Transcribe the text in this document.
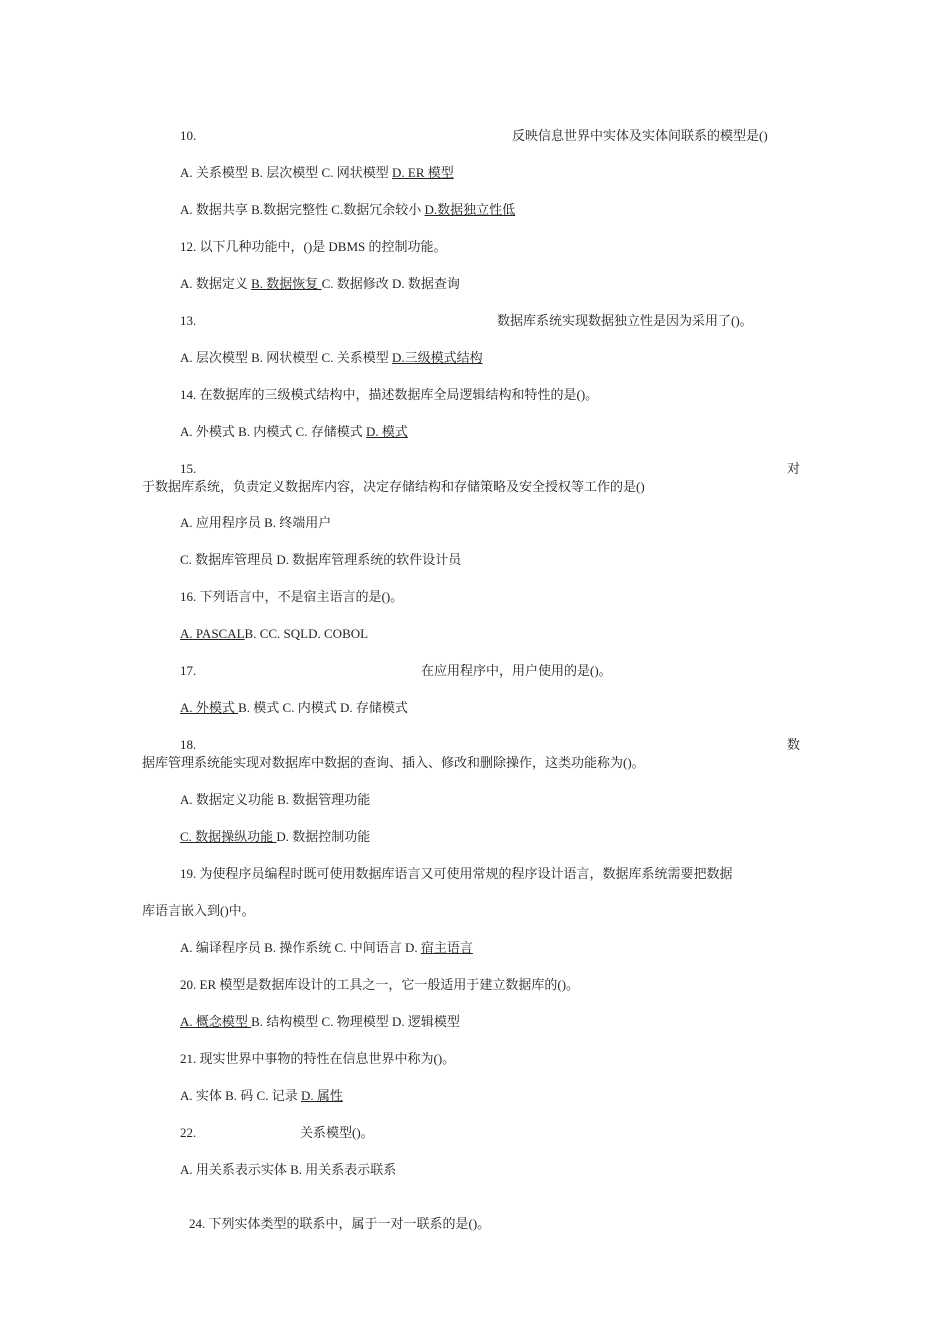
10.	反映信息世界中实体及实体间联系的模型是()
A. 关系模型 B. 层次模型 C. 网状模型 D. ER 模型
A. 数据共享 B.数据完整性 C.数据冗余较小 D.数据独立性低
12. 以下几种功能中，()是 DBMS 的控制功能。
A. 数据定义 B. 数据恢复 C. 数据修改 D. 数据查询
13.	数据库系统实现数据独立性是因为采用了()。
A. 层次模型 B. 网状模型 C. 关系模型 D.三级模式结构
14. 在数据库的三级模式结构中，描述数据库全局逻辑结构和特性的是()。
A. 外模式 B. 内模式 C. 存储模式 D. 模式
15.	对
于数据库系统，负责定义数据库内容，决定存储结构和存储策略及安全授权等工作的是()
A. 应用程序员 B. 终端用户
C. 数据库管理员 D. 数据库管理系统的软件设计员
16. 下列语言中，不是宿主语言的是()。
A. PASCALB. CC. SQLD. COBOL
17.	在应用程序中，用户使用的是()。
A. 外模式 B. 模式 C. 内模式 D. 存储模式
18.	数
据库管理系统能实现对数据库中数据的查询、插入、修改和删除操作，这类功能称为()。
A. 数据定义功能 B. 数据管理功能
C. 数据操纵功能 D. 数据控制功能
19. 为使程序员编程时既可使用数据库语言又可使用常规的程序设计语言，数据库系统需要把数据
库语言嵌入到()中。
A. 编译程序员 B. 操作系统 C. 中间语言 D. 宿主语言
20. ER 模型是数据库设计的工具之一，它一般适用于建立数据库的()。
A. 概念模型 B. 结构模型 C. 物理模型 D. 逻辑模型
21. 现实世界中事物的特性在信息世界中称为()。
A. 实体 B. 码 C. 记录 D. 属性
22.	关系模型()。
A. 用关系表示实体 B. 用关系表示联系
24. 下列实体类型的联系中，属于一对一联系的是()。
